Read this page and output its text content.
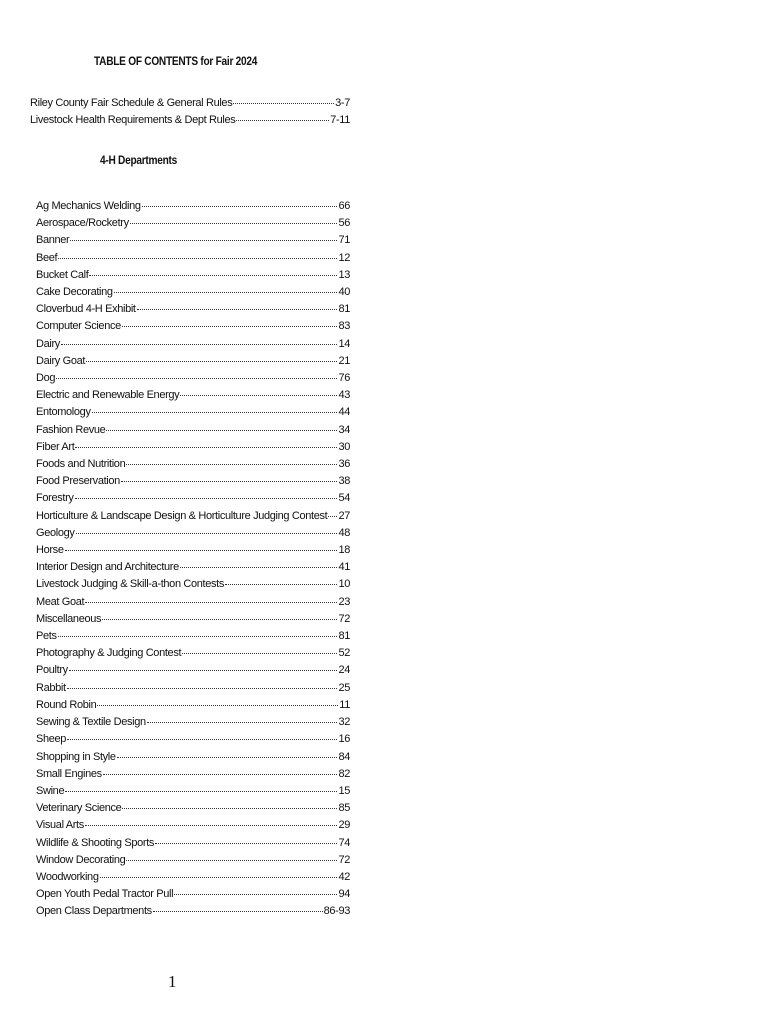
TABLE OF CONTENTS for Fair 2024
Riley County Fair Schedule & General Rules	3-7
Livestock Health Requirements & Dept Rules	7-11
4-H Departments
Ag Mechanics Welding	66
Aerospace/Rocketry	56
Banner	71
Beef	12
Bucket Calf	13
Cake Decorating	40
Cloverbud 4-H Exhibit	81
Computer Science	83
Dairy	14
Dairy Goat	21
Dog	76
Electric and Renewable Energy	43
Entomology	44
Fashion Revue	34
Fiber Art	30
Foods and Nutrition	36
Food Preservation	38
Forestry	54
Horticulture & Landscape Design & Horticulture Judging Contest 27
Geology	48
Horse	18
Interior Design and Architecture	41
Livestock Judging & Skill-a-thon Contests	10
Meat Goat	23
Miscellaneous	72
Pets	81
Photography & Judging Contest	52
Poultry	24
Rabbit	25
Round Robin	11
Sewing & Textile Design	32
Sheep	16
Shopping in Style	84
Small Engines	82
Swine	15
Veterinary Science	85
Visual Arts	29
Wildlife & Shooting Sports	74
Window Decorating	72
Woodworking	42
Open Youth Pedal Tractor Pull	94
Open Class Departments	86-93
1
